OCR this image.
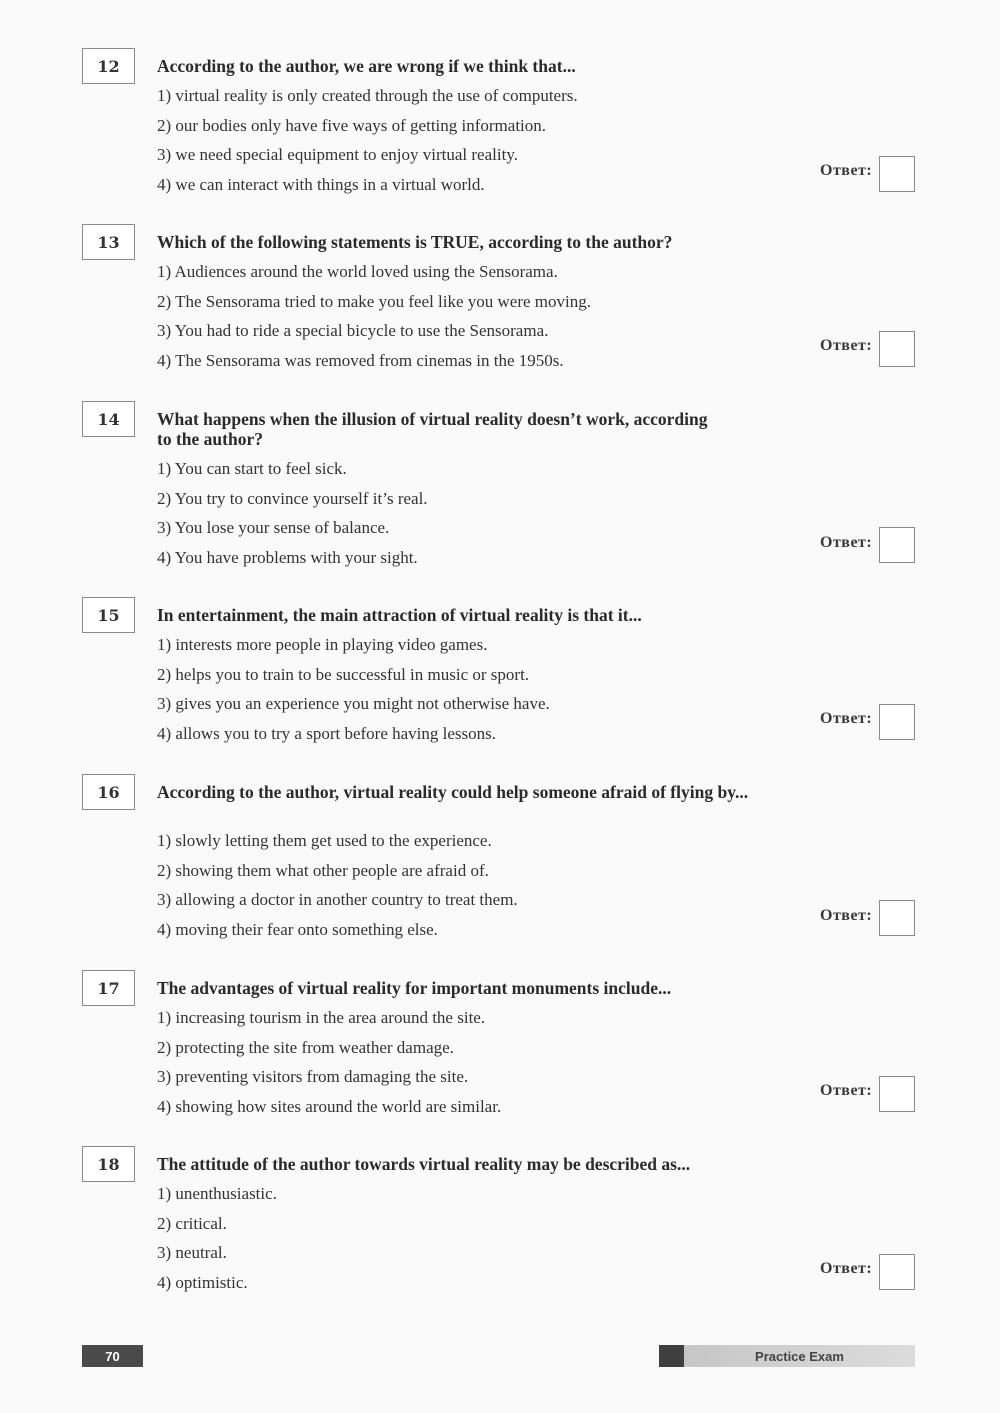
12	According to the author, we are wrong if we think that...
1) virtual reality is only created through the use of computers.
2) our bodies only have five ways of getting information.
3) we need special equipment to enjoy virtual reality.
4) we can interact with things in a virtual world.
Ответ:
13	Which of the following statements is TRUE, according to the author?
1) Audiences around the world loved using the Sensorama.
2) The Sensorama tried to make you feel like you were moving.
3) You had to ride a special bicycle to use the Sensorama.
4) The Sensorama was removed from cinemas in the 1950s.
Ответ:
14	What happens when the illusion of virtual reality doesn’t work, according to the author?
1) You can start to feel sick.
2) You try to convince yourself it’s real.
3) You lose your sense of balance.
4) You have problems with your sight.
Ответ:
15	In entertainment, the main attraction of virtual reality is that it...
1) interests more people in playing video games.
2) helps you to train to be successful in music or sport.
3) gives you an experience you might not otherwise have.
4) allows you to try a sport before having lessons.
Ответ:
16	According to the author, virtual reality could help someone afraid of flying by...
1) slowly letting them get used to the experience.
2) showing them what other people are afraid of.
3) allowing a doctor in another country to treat them.
4) moving their fear onto something else.
Ответ:
17	The advantages of virtual reality for important monuments include...
1) increasing tourism in the area around the site.
2) protecting the site from weather damage.
3) preventing visitors from damaging the site.
4) showing how sites around the world are similar.
Ответ:
18	The attitude of the author towards virtual reality may be described as...
1) unenthusiastic.
2) critical.
3) neutral.
4) optimistic.
Ответ:
70	Practice Exam
